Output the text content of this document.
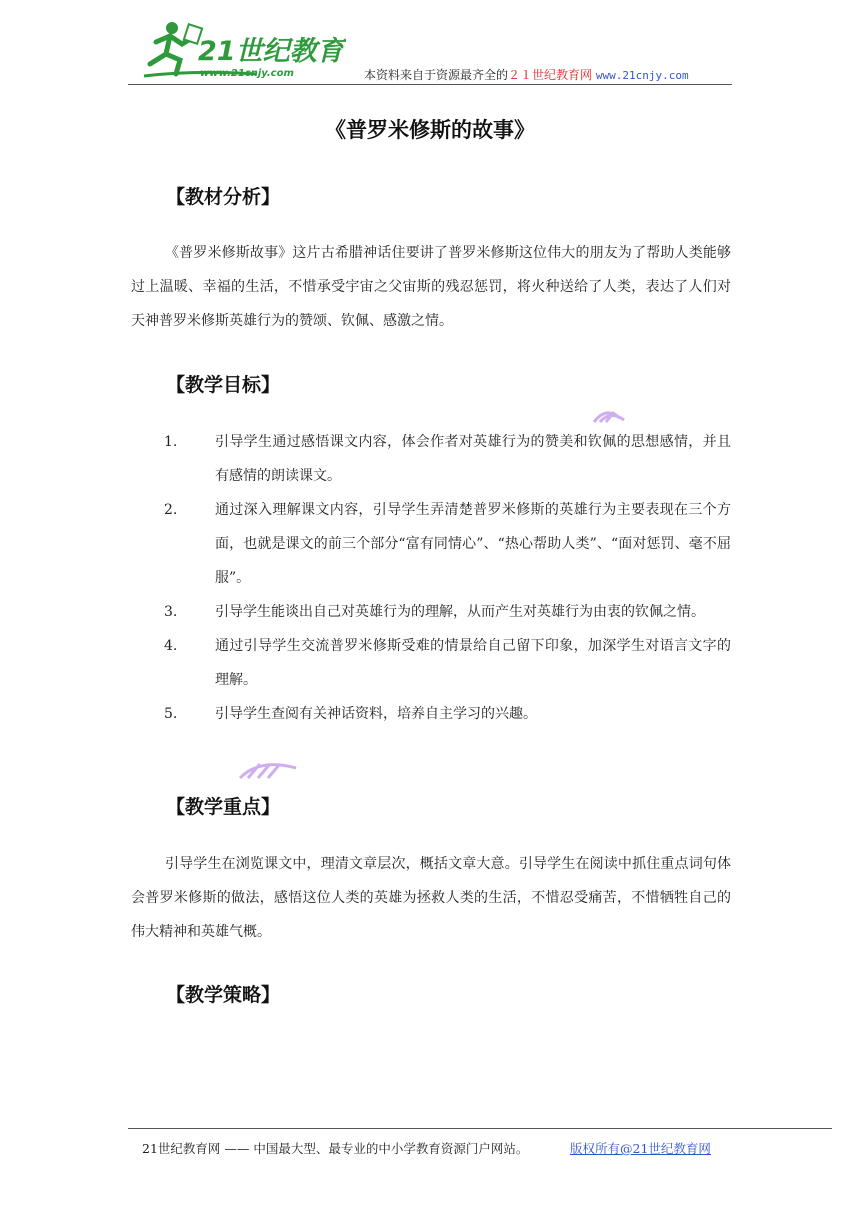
21世纪教育
www.21cnjy.com	本资料来自于资源最齐全的２１世纪教育网 www.21cnjy.com
《普罗米修斯的故事》
【教材分析】

《普罗米修斯故事》这片古希腊神话住要讲了普罗米修斯这位伟大的朋友为了帮助人类能够过上温暖、幸福的生活，不惜承受宇宙之父宙斯的残忍惩罚，将火种送给了人类，表达了人们对天神普罗米修斯英雄行为的赞颂、钦佩、感激之情。

【教学目标】
1.	引导学生通过感悟课文内容，体会作者对英雄行为的赞美和钦佩的思想感情，并且有感情的朗读课文。
2.	通过深入理解课文内容，引导学生弄清楚普罗米修斯的英雄行为主要表现在三个方面，也就是课文的前三个部分“富有同情心”、“热心帮助人类”、“面对惩罚、毫不屈服”。
3.	引导学生能谈出自己对英雄行为的理解，从而产生对英雄行为由衷的钦佩之情。
4.	通过引导学生交流普罗米修斯受难的情景给自己留下印象，加深学生对语言文字的理解。
5.	引导学生查阅有关神话资料，培养自主学习的兴趣。
【教学重点】

引导学生在浏览课文中，理清文章层次，概括文章大意。引导学生在阅读中抓住重点词句体会普罗米修斯的做法，感悟这位人类的英雄为拯救人类的生活，不惜忍受痛苦，不惜牺牲自己的伟大精神和英雄气概。

【教学策略】
21世纪教育网 —— 中国最大型、最专业的中小学教育资源门户网站。	版权所有@21世纪教育网
